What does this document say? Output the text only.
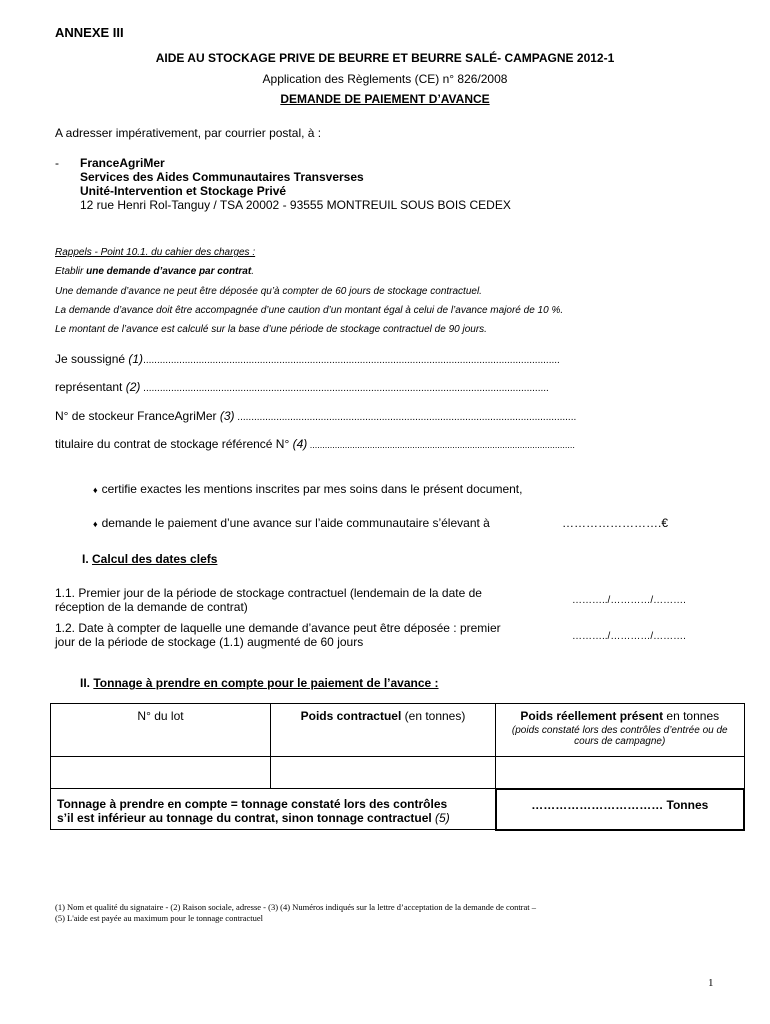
ANNEXE III
AIDE AU STOCKAGE PRIVE DE BEURRE ET BEURRE SALÉ- CAMPAGNE 2012-1
Application des Règlements (CE) n° 826/2008
DEMANDE DE PAIEMENT D’AVANCE
A adresser impérativement, par courrier postal, à :
- FranceAgriMer
Services des Aides Communautaires Transverses
Unité-Intervention et Stockage Privé
12 rue Henri Rol-Tanguy / TSA 20002 - 93555 MONTREUIL SOUS BOIS CEDEX
Rappels - Point 10.1. du cahier des charges :
Etablir une demande d’avance par contrat.
Une demande d’avance ne peut être déposée qu’à compter de 60 jours de stockage contractuel.
La demande d’avance doit être accompagnée d’une caution d’un montant égal à celui de l’avance majoré de 10 %.
Le montant de l’avance est calculé sur la base d’une période de stockage contractuel de 90 jours.
Je soussigné (1)......................................................................................................................................................
représentant (2) ..................................................................................................................................................
N° de stockeur FranceAgriMer (3) ..........................................................................................................................
titulaire du contrat de stockage référencé N° (4) ..........................................................................................................
♦ certifie exactes les mentions inscrites par mes soins dans le présent document,
♦ demande le paiement d’une avance sur l’aide communautaire s’élevant à	…………………….€
I. Calcul des dates clefs
1.1. Premier jour de la période de stockage contractuel (lendemain de la date de
réception de la demande de contrat)	………../…………/……….
1.2. Date à compter de laquelle une demande d’avance peut être déposée : premier
jour de la période de stockage (1.1) augmenté de 60 jours	………../…………/……….
II. Tonnage à prendre en compte pour le paiement de l’avance :
N° du lot	Poids contractuel (en tonnes)	Poids réellement présent en tonnes
(poids constaté lors des contrôles d’entrée ou de cours de campagne)

Tonnage à prendre en compte = tonnage constaté lors des contrôles
s’il est inférieur au tonnage du contrat, sinon tonnage contractuel (5)		…………………………… Tonnes
(1) Nom et qualité du signataire - (2) Raison sociale, adresse - (3) (4) Numéros indiqués sur la lettre d’acceptation de la demande de contrat –
(5) L'aide est payée au maximum pour le tonnage contractuel
1
